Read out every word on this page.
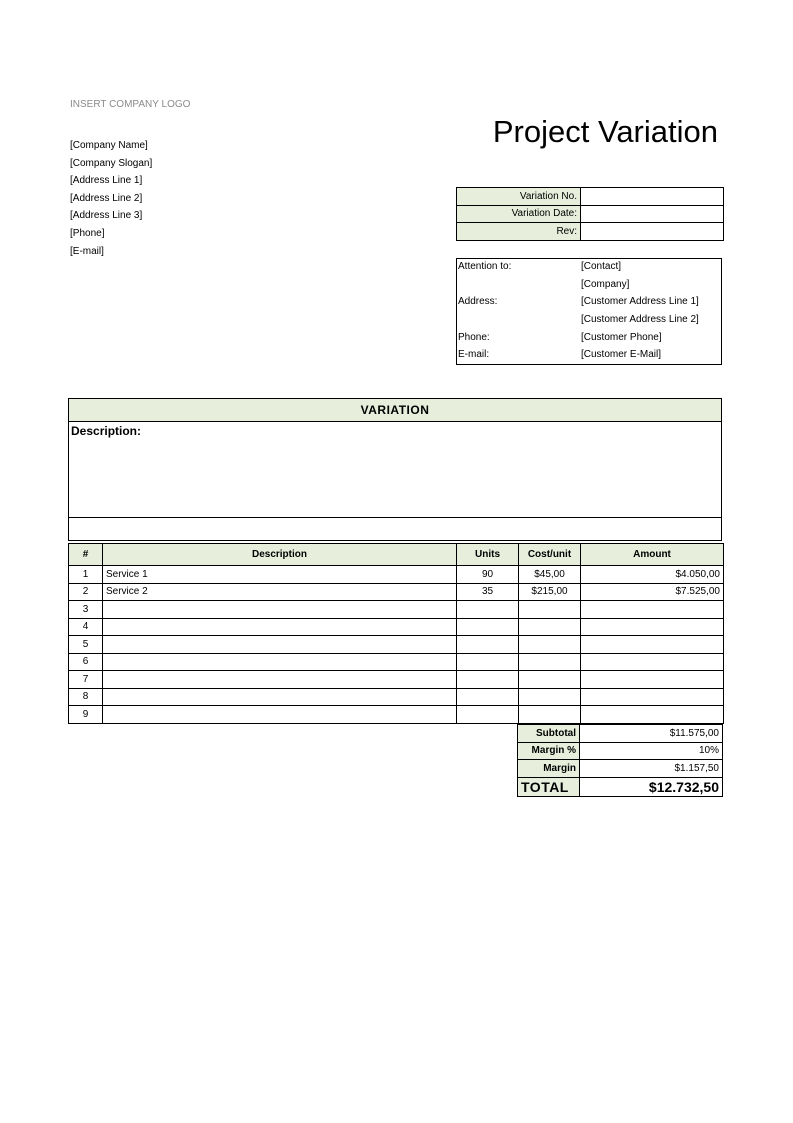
INSERT COMPANY LOGO
[Company Name]
[Company Slogan]
[Address Line 1]
[Address Line 2]
[Address Line 3]
[Phone]
[E-mail]
Project Variation
Variation No.	
Variation Date:	
Rev:	
Attention to:	[Contact]
[Company]
Address:	[Customer Address Line 1]
[Customer Address Line 2]
Phone:	[Customer Phone]
E-mail:	[Customer E-Mail]
VARIATION
Description:
#	Description	Units	Cost/unit	Amount
1	Service 1	90	$45,00	$4.050,00
2	Service 2	35	$215,00	$7.525,00
3				
4				
5				
6				
7				
8				
9				
Subtotal	$11.575,00
Margin %	10%
Margin	$1.157,50
TOTAL	$12.732,50
